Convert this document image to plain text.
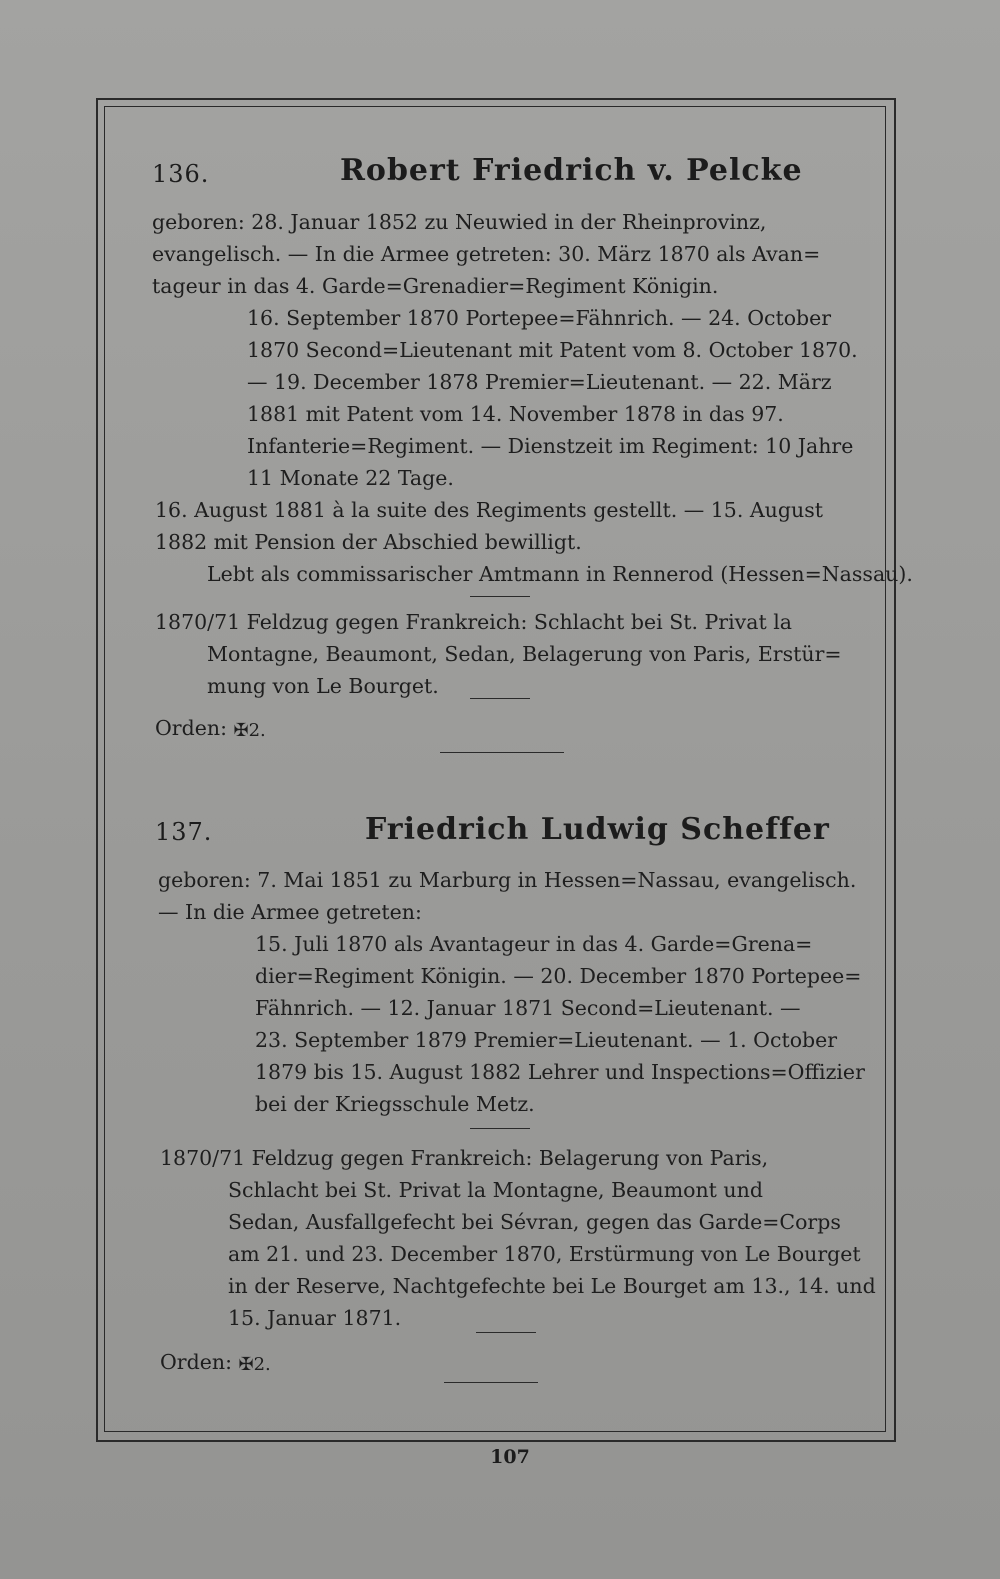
136.	Robert Friedrich v. Pelcke
geboren: 28. Januar 1852 zu Neuwied in der Rheinprovinz,
evangelisch. — In die Armee getreten: 30. März 1870 als Avan=
tageur in das 4. Garde=Grenadier=Regiment Königin.
16. September 1870 Portepee=Fähnrich. — 24. October
1870 Second=Lieutenant mit Patent vom 8. October 1870.
— 19. December 1878 Premier=Lieutenant. — 22. März
1881 mit Patent vom 14. November 1878 in das 97.
Infanterie=Regiment. — Dienstzeit im Regiment: 10 Jahre
11 Monate 22 Tage.
16. August 1881 à la suite des Regiments gestellt. — 15. August
1882 mit Pension der Abschied bewilligt.
Lebt als commissarischer Amtmann in Rennerod (Hessen=Nassau).
1870/71 Feldzug gegen Frankreich: Schlacht bei St. Privat la
Montagne, Beaumont, Sedan, Belagerung von Paris, Erstür=
mung von Le Bourget.
Orden: ✠2.
137.	Friedrich Ludwig Scheffer
geboren: 7. Mai 1851 zu Marburg in Hessen=Nassau, evangelisch.
— In die Armee getreten:
15. Juli 1870 als Avantageur in das 4. Garde=Grena=
dier=Regiment Königin. — 20. December 1870 Portepee=
Fähnrich. — 12. Januar 1871 Second=Lieutenant. —
23. September 1879 Premier=Lieutenant. — 1. October
1879 bis 15. August 1882 Lehrer und Inspections=Offizier
bei der Kriegsschule Metz.
1870/71 Feldzug gegen Frankreich: Belagerung von Paris,
Schlacht bei St. Privat la Montagne, Beaumont und
Sedan, Ausfallgefecht bei Sévran, gegen das Garde=Corps
am 21. und 23. December 1870, Erstürmung von Le Bourget
in der Reserve, Nachtgefechte bei Le Bourget am 13., 14. und
15. Januar 1871.
Orden: ✠2.
107
